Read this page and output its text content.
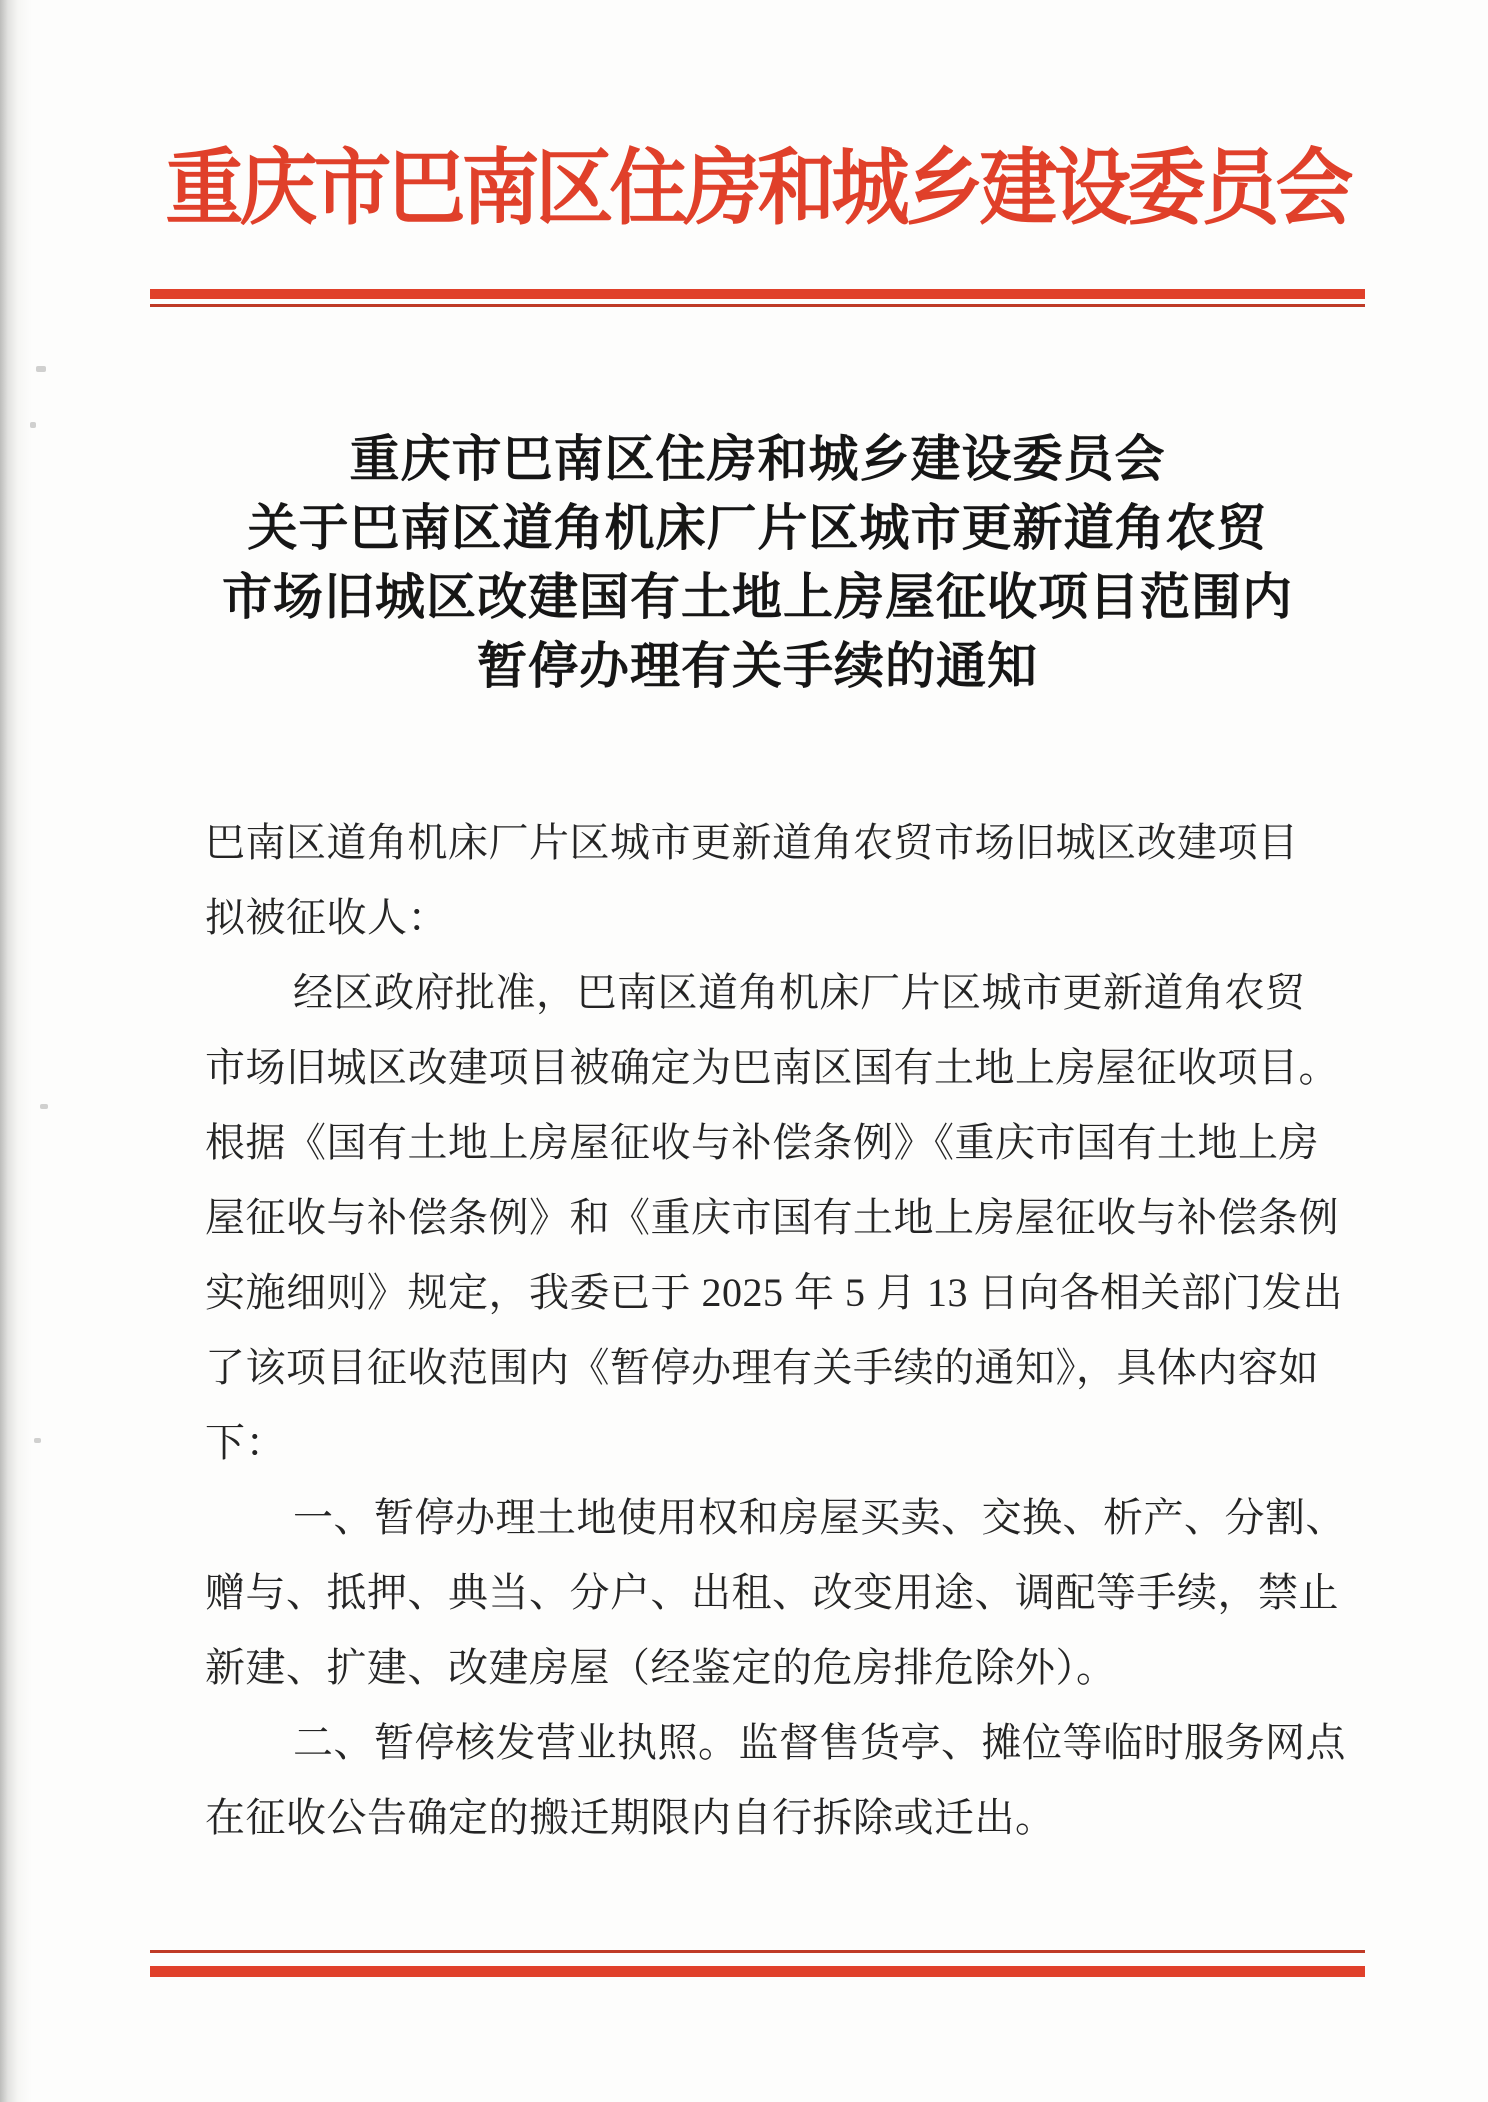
重庆市巴南区住房和城乡建设委员会
重庆市巴南区住房和城乡建设委员会
关于巴南区道角机床厂片区城市更新道角农贸
市场旧城区改建国有土地上房屋征收项目范围内
暂停办理有关手续的通知

巴南区道角机床厂片区城市更新道角农贸市场旧城区改建项目

拟被征收人：

经区政府批准，巴南区道角机床厂片区城市更新道角农贸

市场旧城区改建项目被确定为巴南区国有土地上房屋征收项目。

根据《国有土地上房屋征收与补偿条例》《重庆市国有土地上房

屋征收与补偿条例》和《重庆市国有土地上房屋征收与补偿条例

实施细则》规定，我委已于 2025 年 5 月 13 日向各相关部门发出

了该项目征收范围内《暂停办理有关手续的通知》，具体内容如

下：

一、暂停办理土地使用权和房屋买卖、交换、析产、分割、

赠与、抵押、典当、分户、出租、改变用途、调配等手续，禁止

新建、扩建、改建房屋（经鉴定的危房排危除外）。

二、暂停核发营业执照。监督售货亭、摊位等临时服务网点

在征收公告确定的搬迁期限内自行拆除或迁出。
